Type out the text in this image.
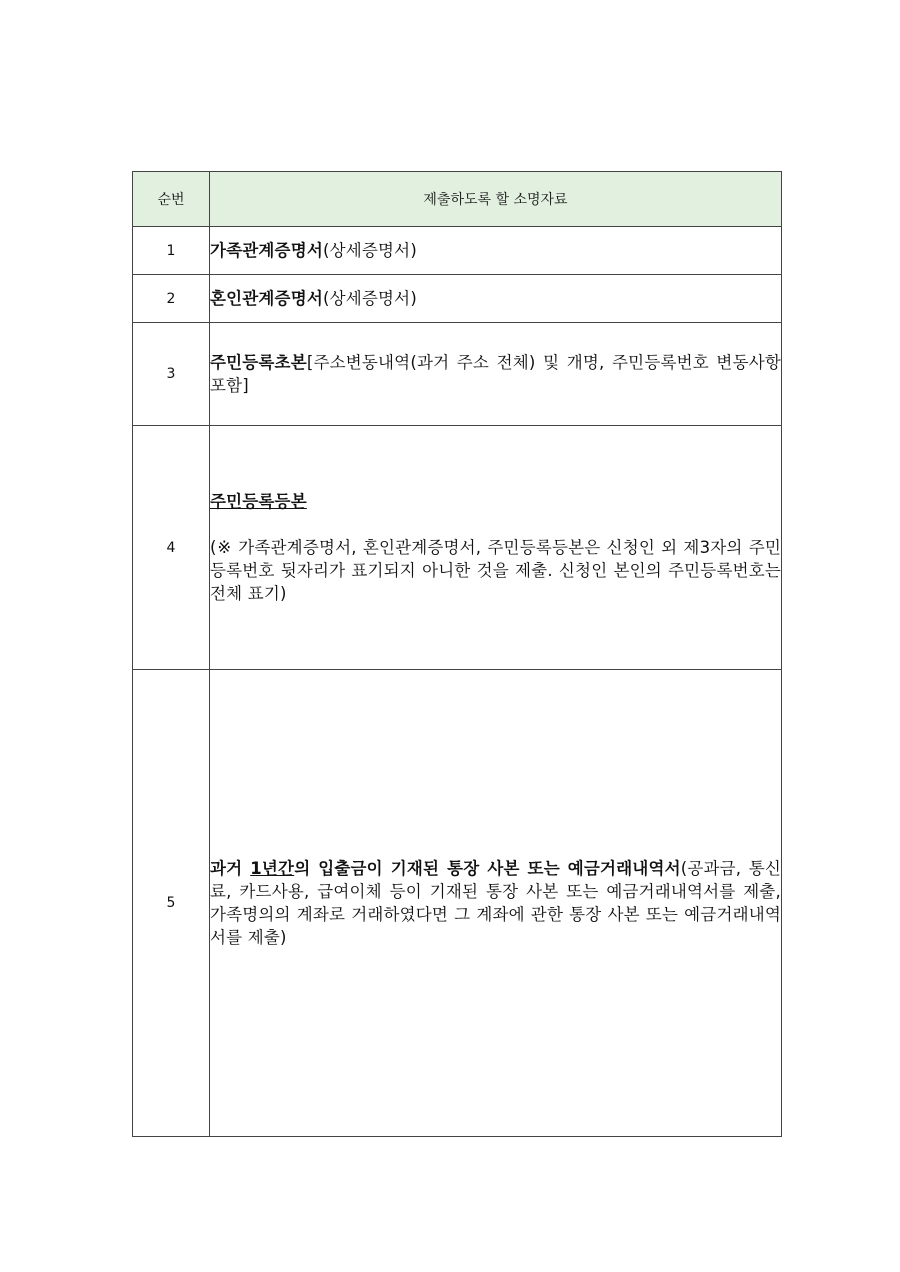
순번	제출하도록 할 소명자료
1	가족관계증명서(상세증명서)
2	혼인관계증명서(상세증명서)
3	주민등록초본[주소변동내역(과거 주소 전체) 및 개명, 주민등록번호 변동사항 포함]
4	주민등록등본
(※ 가족관계증명서, 혼인관계증명서, 주민등록등본은 신청인 외 제3자의 주민등록번호 뒷자리가 표기되지 아니한 것을 제출. 신청인 본인의 주민등록번호는 전체 표기)

5	과거 1년간의 입출금이 기재된 통장 사본 또는 예금거래내역서(공과금, 통신료, 카드사용, 급여이체 등이 기재된 통장 사본 또는 예금거래내역서를 제출, 가족명의의 계좌로 거래하였다면 그 계좌에 관한 통장 사본 또는 예금거래내역서를 제출)
